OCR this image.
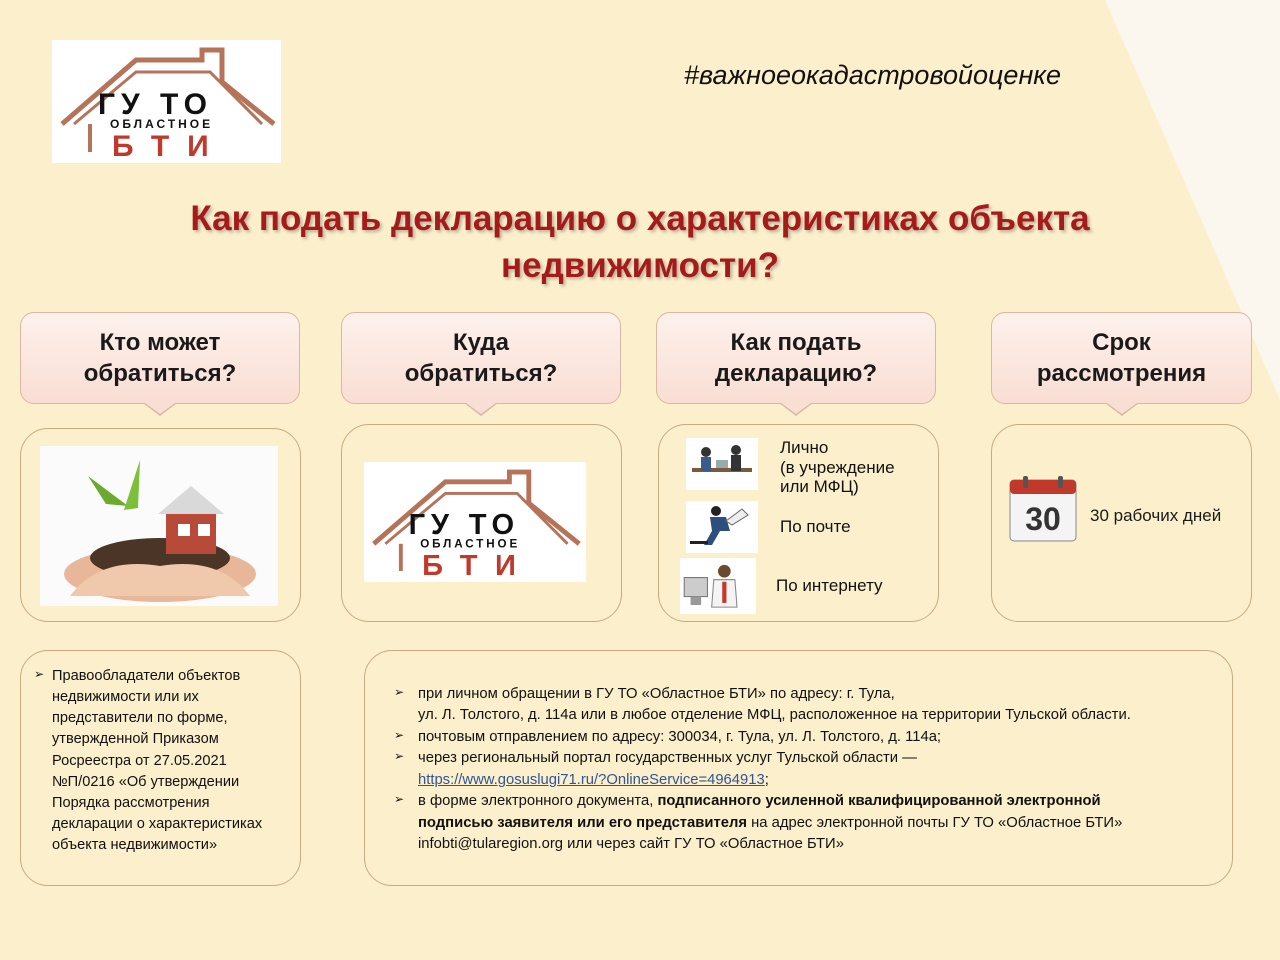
ГУ ТО
ОБЛАСТНОЕ
БТИ
#важноеокадастровойоценке
Как подать декларацию о характеристиках объекта
недвижимости?
Кто может
обратиться?
Куда
обратиться?
Как подать
декларацию?
Срок
рассмотрения
ГУ ТО
ОБЛАСТНОЕ
БТИ
Лично
(в учреждение
или МФЦ)
По почте
По интернету
30 30 рабочих дней
➢ Правообладатели объектов
недвижимости или их
представители по форме,
утвержденной Приказом
Росреестра от 27.05.2021
№П/0216 «Об утверждении
Порядка рассмотрения
декларации о характеристиках
объекта недвижимости»
➢ при личном обращении в ГУ ТО «Областное БТИ» по адресу: г. Тула,
ул. Л. Толстого, д. 114а или в любое отделение МФЦ, расположенное на территории Тульской области.
➢ почтовым отправлением по адресу: 300034, г. Тула, ул. Л. Толстого, д. 114а;
➢ через региональный портал государственных услуг Тульской области —
https://www.gosuslugi71.ru/?OnlineService=4964913;
➢ в форме электронного документа, подписанного усиленной квалифицированной электронной
подписью заявителя или его представителя на адрес электронной почты ГУ ТО «Областное БТИ»
infobti@tularegion.org или через сайт ГУ ТО «Областное БТИ»
